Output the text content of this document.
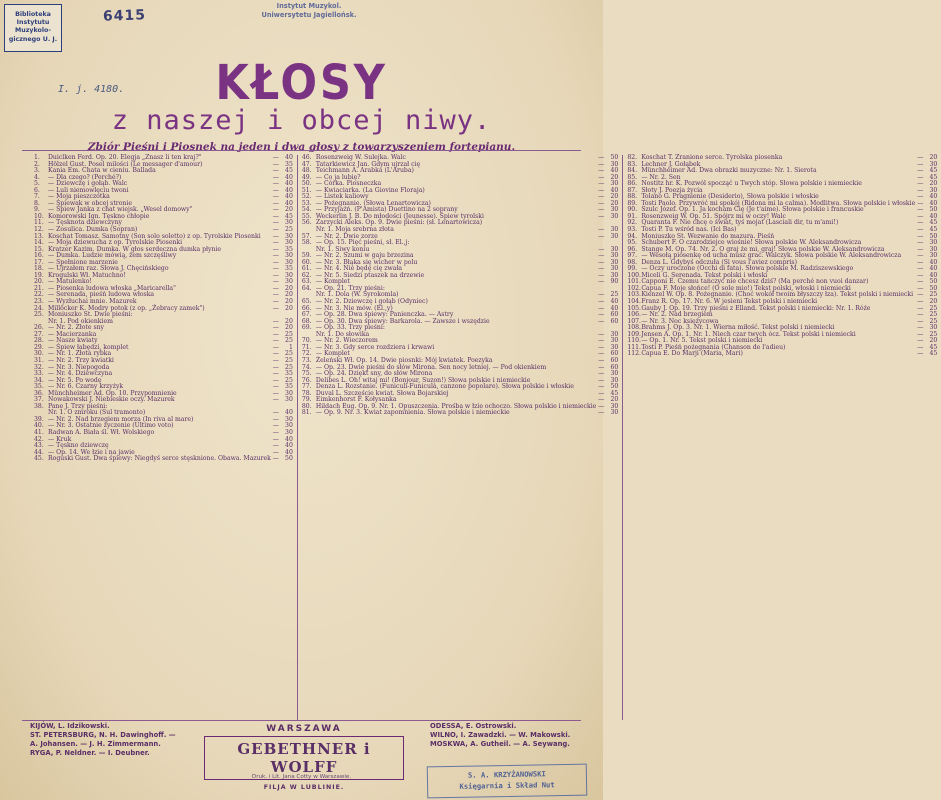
Biblioteka
Instytutu
Muzykolo-
gicznego U. J.
6415
Instytut Muzykol.
Uniwersytetu Jagiellońsk.
I. j. 4180.	KŁOSY
z naszej i obcej niwy.
Zbiór Pieśni i Piosnek na jeden i dwa głosy z towarzyszeniem fortepianu.
1.	Duiclken Ferd. Op. 20. Elegja „Znasz li ten kraj?"	— 40
2.	Hölzel Gust. Posel milości (Le messager d'amour)	— 35
3.	Kania Em. Chata w cieniu. Ballada	— 45
4.	— Dla czego? (Perché?)	— 40
5.	— Dziewczę i gołąb. Walc	— 40
6.	— Luli niemowlęciu twoni	— 40
7.	— Moja pieszczotka	— 40
8.	— Śpiewak w obcej stronie	— 40
9.	— Śpiew Janka z chat wiejsk. „Wesel domowy"	— 20
10. Komorowski Ign. Tęskno chłopie	— 45
11. — Tęsknota dziewczyny	— 30
12. — Zosulica. Dumka (Sopran)	— 25
13. Koschat Tomasz. Samotny (Son solo soletto) z op. Tyrolskie Piosenki	— 30
14. — Moja dziewucha z op. Tyrolskie Piosenki	— 30
15. Kratzer Kazim. Dumka. W głos serdeczna dumka płynie	— 35
16. — Dumka. Ludzie mówią, żem szczęśliwy	— 30
17. — Spełnione marzenie	— 30
18. — Ujrzałem raz. Słowa J. Chęcińskiego	— 35
19. Krogulski Wł. Matuchno!	— 30
20. — Matulenko!	— 30
21. — Piosenka ludowa włoska „Maricarella"	— 20
22. — Serenada, pieśń ludowa włoska	— 20
23. — Wyzłuchai mnie. Mazurek	— 20
24. Millöcker K. Modry potok (z op. „Żebracy zamek")	— 20
25. Moniuszko St. Dwie pieśni:
Nr. 1. Pod okienkiem	— 20
26. — Nr. 2. Złote sny	— 20
27. — Macierzanka	— 25
28. — Nasze kwiaty	— 25
29. — Śpiew łabędzi, komplet	—	1
30. — Nr. 1. Złota rybka	— 25
31. — Nr. 2. Trzy kwiatki	— 25
32. — Nr. 3. Niepogoda	— 25
33. — Nr. 4. Dziewczyna	— 35
34. — Nr. 5. Po wodę	— 25
35. — Nr. 6. Czarny krzyżyk	— 35
36. Münchheimer Ad. Op. 10. Przypomnienie	— 30
37. Nowakowski J. Niebieskie oczy. Mazurek	— 30
38. Pane J. Trzy pieśni:
Nr. 1. O zmroku (Sul tramonto)	— 40
39. — Nr. 2. Nad brzegiem morza (In riva al mare)	— 30
40. — Nr. 3. Ostatnie życzenie (Ultimo voto)	— 30
41. Radwan A. Biała śl. Wł. Wolskiego	— 30
42. — Kruk	— 40
43. — Tęskno dziewczę	— 40
44. — Op. 14. We łzie i na jawie	— 40
45. Roguski Gust. Dwa śpiewy: Niegdyś serce stęsknione. Obawa. Mazurek — 50
46. Rosenzweig W. Sulejka. Walc	— 50
47. Tatarkiewicz Jan. Gdym ujrzał cię	— 30
48. Teichmann A. Arabka (L'Aruba)	— 40
49. — Co ja lubię?	— 20
50. — Córka. Piosneczka	— 30
51. — Kwiaciarka. (La Giovine Floraja)	— 40
52. — Listek kaliowy	— 20
53. — Pożegnanie. (Słowa Lenartowicza)	— 20
54. — Przyjaźń. (P'Amista) Duettino na 2 soprany	— 30
55. Weckerlin J. B. Do młodości (Jeunesse). Śpiew tyrolski	— 30
56. Zarzycki Aleks. Op. 9. Dwie pieśni: (sł. Lenartowicza)
Nr. 1. Moja srebrna złota	— 30
57. — Nr. 2. Dwie zorze	— 30
58. — Op. 15. Pięć pieśni, sł. El.,j:
Nr. 1. Siwy koniu	— 30
59. — Nr. 2. Szumi w gaju brzezina	— 30
60. — Nr. 3. Błąka się wicher w polu	— 30
61. — Nr. 4. Nie będę cię zwała	— 30
62. — Nr. 5. Siedzi ptaszek na drzewie	— 30
63. — Komplet	— 90
64. — Op. 21. Trzy pieśni:
Nr. 1. Dola (W. Syrokomla)	— 25
65. — Nr. 2. Dziewczę i gołąb (Odyniec)	— 40
66. — Nr. 3. Nie mów. (El.,y)	— 40
67. — Op. 28. Dwa śpiewy: Panienczka. — Astry	— 60
68. — Op. 30. Dwa śpiewy: Barkarola. — Zawsze i wszędzie	— 60
69. — Op. 33. Trzy pieśni:
Nr. 1. Do słowika	— 30
70. — Nr. 2. Wieczorem	— 30
71. — Nr. 3. Gdy serce rozdziera i krwawi	— 30
72. — Komplet	— 60
73. Żeleński Wł. Op. 14. Dwie piosnki: Mój kwiatek. Poezyka	— 60
74. — Op. 23. Dwie pieśni do słów Mirona. Sen nocy letniej. — Pod okienkiem	— 60
75. — Op. 24. Dziękt sny, do słów Mirona	— 30
76. Delibes L. Oh! witaj mi! (Bonjour, Suzon!) Słowa polskie i niemieckie	— 30
77. Denza L. Rozstanie. (Funiculi-Funiculà, canzone popolare). Słowa polskie i włoskie	— 50
78. Duval L. Szczęście kwiat. Słowa Bojarskiej	— 45
79. Eimkenhorst F. Kołysanka	— 20
80. Hildach Eug. Op. 9. Nr. 1. Opuszczenia. Prośba w łzie ochoczo. Słowa polskie i niemieckie — 30
81. — Op. 9. Nr. 3. Kwiat zapomnienia. Słowa polskie i niemieckie	— 30
82. Koschat T. Zranione serce. Tyrolska piosenka	— 20
83. Lechner J. Gołąbek	— 30
84. Münchheimer Ad. Dwa obrazki muzyczne: Nr. 1. Sierota	— 45
85. — Nr. 2. Sen	— 45
86. Nostitz hr. K. Pozwól spocząć u Twych stóp. Słowa polskie i niemieckie	— 20
87. Słoty J. Poezja życia	— 30
88. Tolano G. Pragnienie (Desiderio), Słowa polskie i włoskie	— 40
89. Tosti Paolo. Przywróć mi spokój (Ridona mi la calma). Modlitwa. Słowa polskie i włoskie — 40
90. Szulc Józef. Op. 1. Ja kocham Cię (Je t'aime). Słowa polskie i francuskie	— 50
91. Rosenzweig W. Op. 51. Spójrz mi w oczy! Walc	— 40
92. Quaranta F. Nie chcę o świat, tyś mojat (Lasciali dir, tu m'ami!)	— 45
93. Tosti P. Tu wśród nas. (Ici Bas)	— 45
94. Moniuszko St. Wezwanie do mazura. Pieśń	— 50
95. Schubert F. O czarodziejce wiośnie! Słowa polskie W. Aleksandrowicza	— 30
96. Stange M. Op. 74. Nr. 2. O graj że mi, graj! Słowa polskie W. Aleksandrowicza	— 30
97. — Wesołą piosenkę od ucha musz grać. Walczyk. Słowa polskie W. Aleksandrowicza	— 30
98. Denza L. Gdybyś odczuła (Si vous l'aviez compris)	— 40
99. — Oczy uroczone (Occhi di fata). Słowa polskie M. Radziszewskiego	— 40
100. Miceli G. Serenada. Tekst polski i włoski	— 40
101. Capponi E. Czemu tańczyć nie chcesz dziś? (Ma perché non vuoi danzar)	— 50
102. Capua F. Moje słońce! (O sole mio!) Tekst polski, włoski i niemiecki	— 50
103. Kienzel W. Op. 8. Pożegnanie. (Choć wokół twoim błyszczy łza). Tekst polski i niemiecki — 25
104. Franz R. Op. 17. Nr. 6. W jesieni Tekst polski i niemiecki	— 20
105. Gauby J. Op. 19. Trzy pieśni z Elland. Tekst polski i niemiecki: Nr. 1. Róże	— 25
106. — Nr. 2. Nad brzegiem	— 25
107. — Nr. 3. Noc księżycowa	— 25
108. Brahms J. Op. 3. Nr. 1. Wierna miłość. Tekst polski i niemiecki	— 30
109. Jensen A. Op. 1. Nr. 1. Niech czar twych ócz. Tekst polski i niemiecki	— 25
110. — Op. 1. Nr. 5. Tekst polski i niemiecki	— 20
111. Tosti P. Pieśń pożegnania (Chanson de l'adieu)	— 45
112. Capua E. Do Marji (Maria, Mari)	— 45
KIJÓW, L. Idzikowski.
ST. PETERSBURG, N. H. Dawinghoff. — A. Johansen. — J. H. Zimmermann.
RYGA, P. Neldner. — I. Deubner.
WARSZAWA
GEBETHNER i WOLFF
FILJA W LUBLINIE.
ODESSA, E. Ostrowski.
WILNO, I. Zawadzki. — W. Makowski.
MOSKWA, A. Gutheil. — A. Seywang.
Druk. i Lit. Jana Cotty w Warszawie.	S. A. KRZYŻANOWSKI
Księgarnia i Skład Nut
